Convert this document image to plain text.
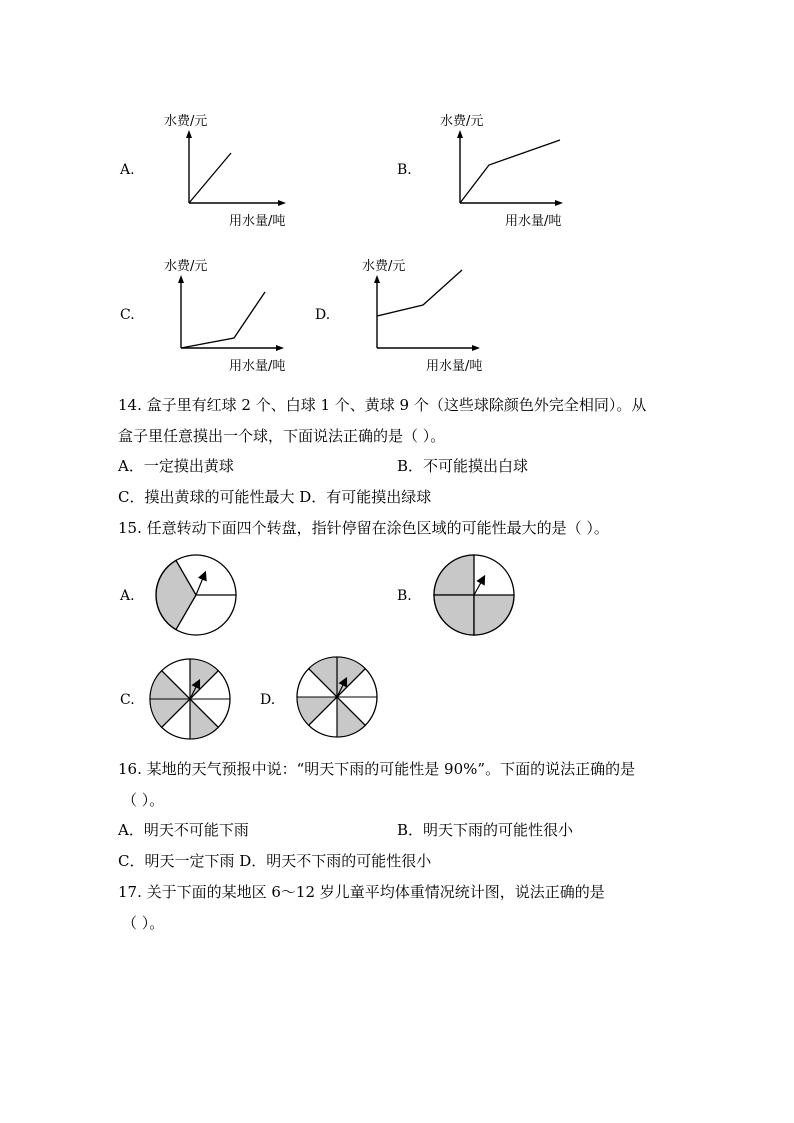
A.
水费/元
用水量/吨
B.
水费/元
用水量/吨
C.
水费/元
用水量/吨
D.
水费/元
用水量/吨
14. 盒子里有红球 2 个、白球 1 个、黄球 9 个（这些球除颜色外完全相同）。从
盒子里任意摸出一个球，下面说法正确的是（ ）。
A．一定摸出黄球	B．不可能摸出白球
C．摸出黄球的可能性最大 D．有可能摸出绿球
15. 任意转动下面四个转盘，指针停留在涂色区域的可能性最大的是（ ）。
A.	B.
C.	D.
16. 某地的天气预报中说：“明天下雨的可能性是 90%”。下面的说法正确的是
（ ）。
A．明天不可能下雨	B．明天下雨的可能性很小
C．明天一定下雨 D．明天不下雨的可能性很小
17. 关于下面的某地区 6～12 岁儿童平均体重情况统计图，说法正确的是
（ ）。
